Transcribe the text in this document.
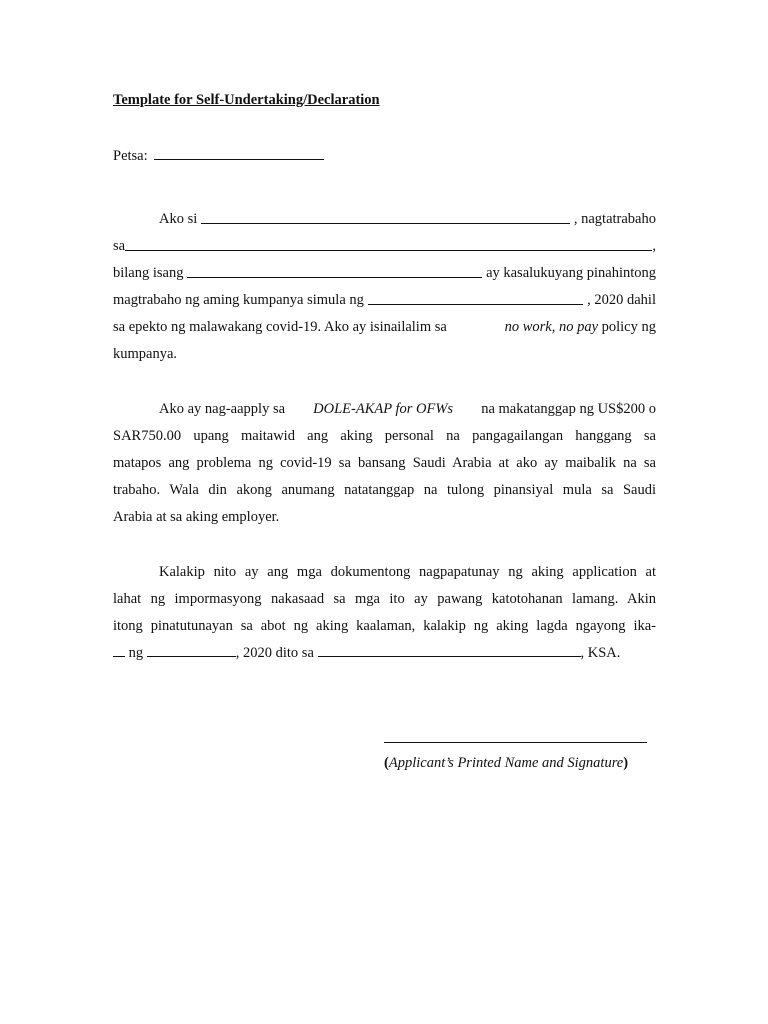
Template for Self-Undertaking/Declaration
Petsa:
Ako si	, nagtatrabaho
sa	,
bilang isang	ay kasalukuyang pinahintong
magtrabaho ng aming kumpanya simula ng	, 2020 dahil
sa epekto ng malawakang covid-19. Ako ay isinailalim sa	no work, no pay policy ng
kumpanya.
Ako ay nag-aapply sa DOLE-AKAP for OFWs na makatanggap ng US$200 o
SAR750.00 upang maitawid ang aking personal na pangagailangan hanggang sa
matapos ang problema ng covid-19 sa bansang Saudi Arabia at ako ay maibalik na sa
trabaho. Wala din akong anumang natatanggap na tulong pinansiyal mula sa Saudi
Arabia at sa aking employer.
Kalakip nito ay ang mga dokumentong nagpapatunay ng aking application at
lahat ng impormasyong nakasaad sa mga ito ay pawang katotohanan lamang. Akin
itong pinatutunayan sa abot ng aking kaalaman, kalakip ng aking lagda ngayong ika-
ng	, 2020 dito sa	, KSA.
(Applicant’s Printed Name and Signature)
